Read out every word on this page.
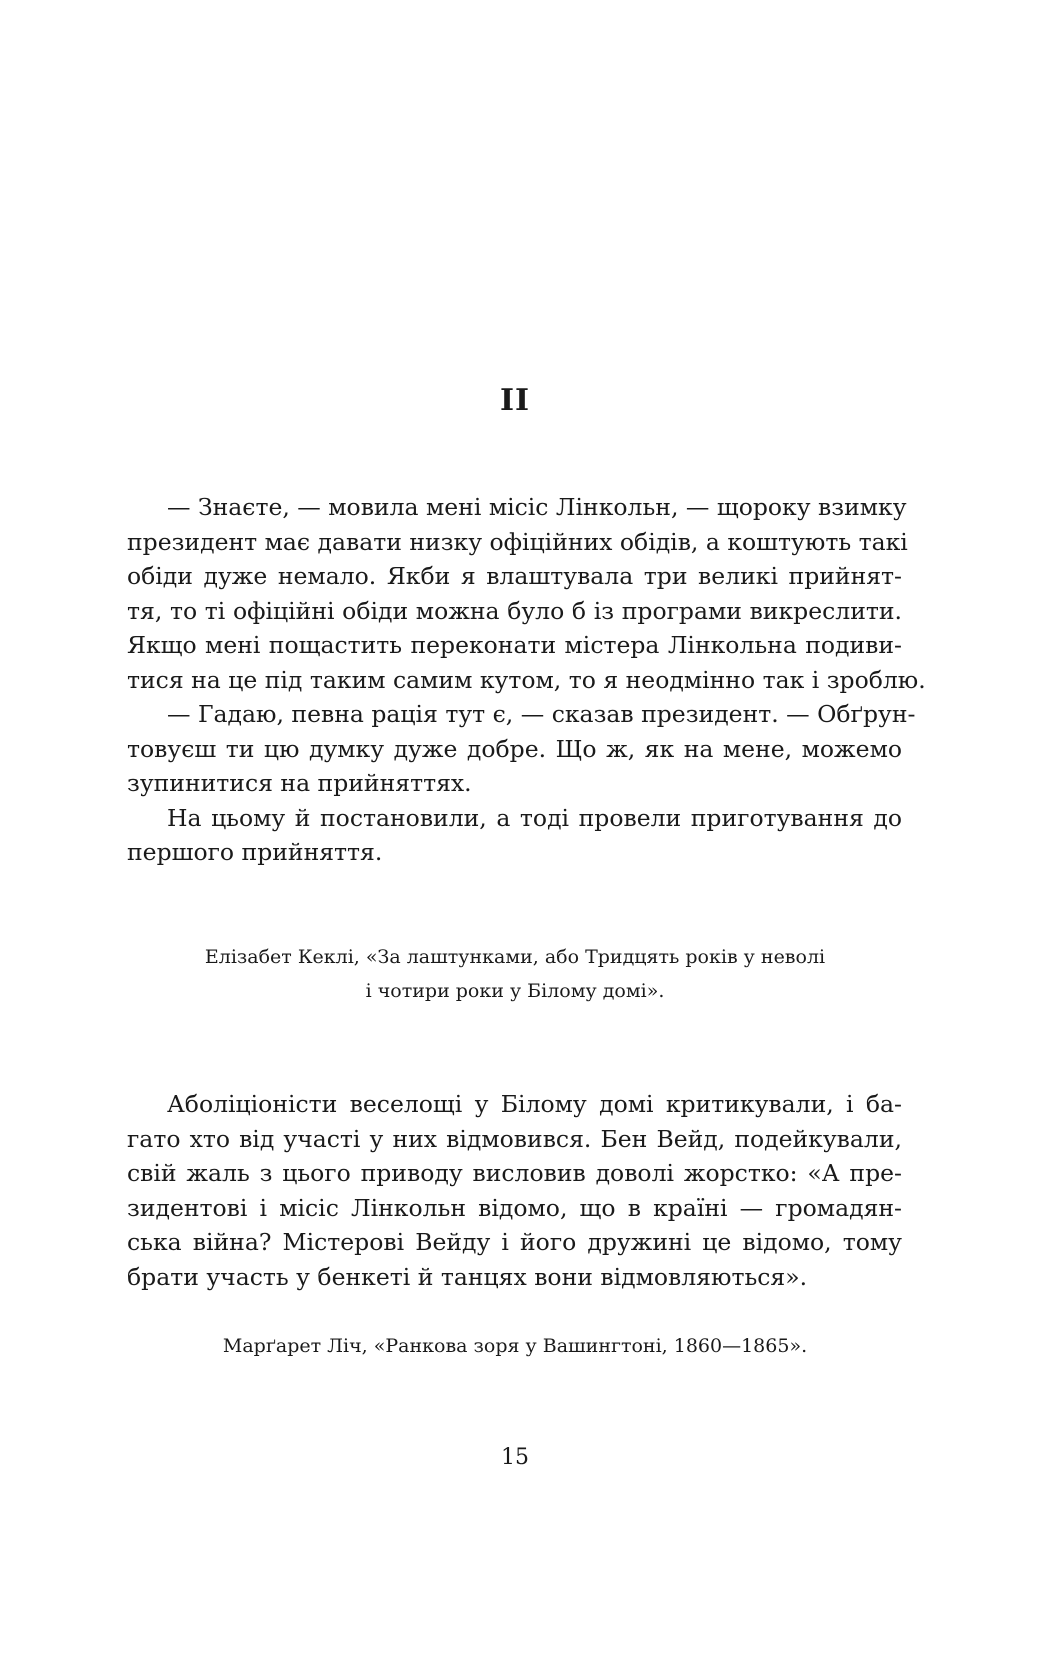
II

— Знаєте, — мовила мені місіс Лінкольн, — щороку взимку
президент має давати низку офіційних обідів, а коштують такі
обіди дуже немало. Якби я влаштувала три великі прийнят-
тя, то ті офіційні обіди можна було б із програми викреслити.
Якщо мені пощастить переконати містера Лінкольна подиви-
тися на це під таким самим кутом, то я неодмінно так і зроблю.

— Гадаю, певна рація тут є, — сказав президент. — Обґрун-
товуєш ти цю думку дуже добре. Що ж, як на мене, можемо
зупинитися на прийняттях.

На цьому й постановили, а тоді провели приготування до
першого прийняття.

Елізабет Кеклі, «За лаштунками, або Тридцять років у неволі
і чотири роки у Білому домі».

Аболіціоністи веселощі у Білому домі критикували, і ба-
гато хто від участі у них відмовився. Бен Вейд, подейкували,
свій жаль з цього приводу висловив доволі жорстко: «А пре-
зидентові і місіс Лінкольн відомо, що в країні — громадян-
ська війна? Містерові Вейду і його дружині це відомо, тому
брати участь у бенкеті й танцях вони відмовляються».

Марґарет Ліч, «Ранкова зоря у Вашингтоні, 1860—1865».
15
